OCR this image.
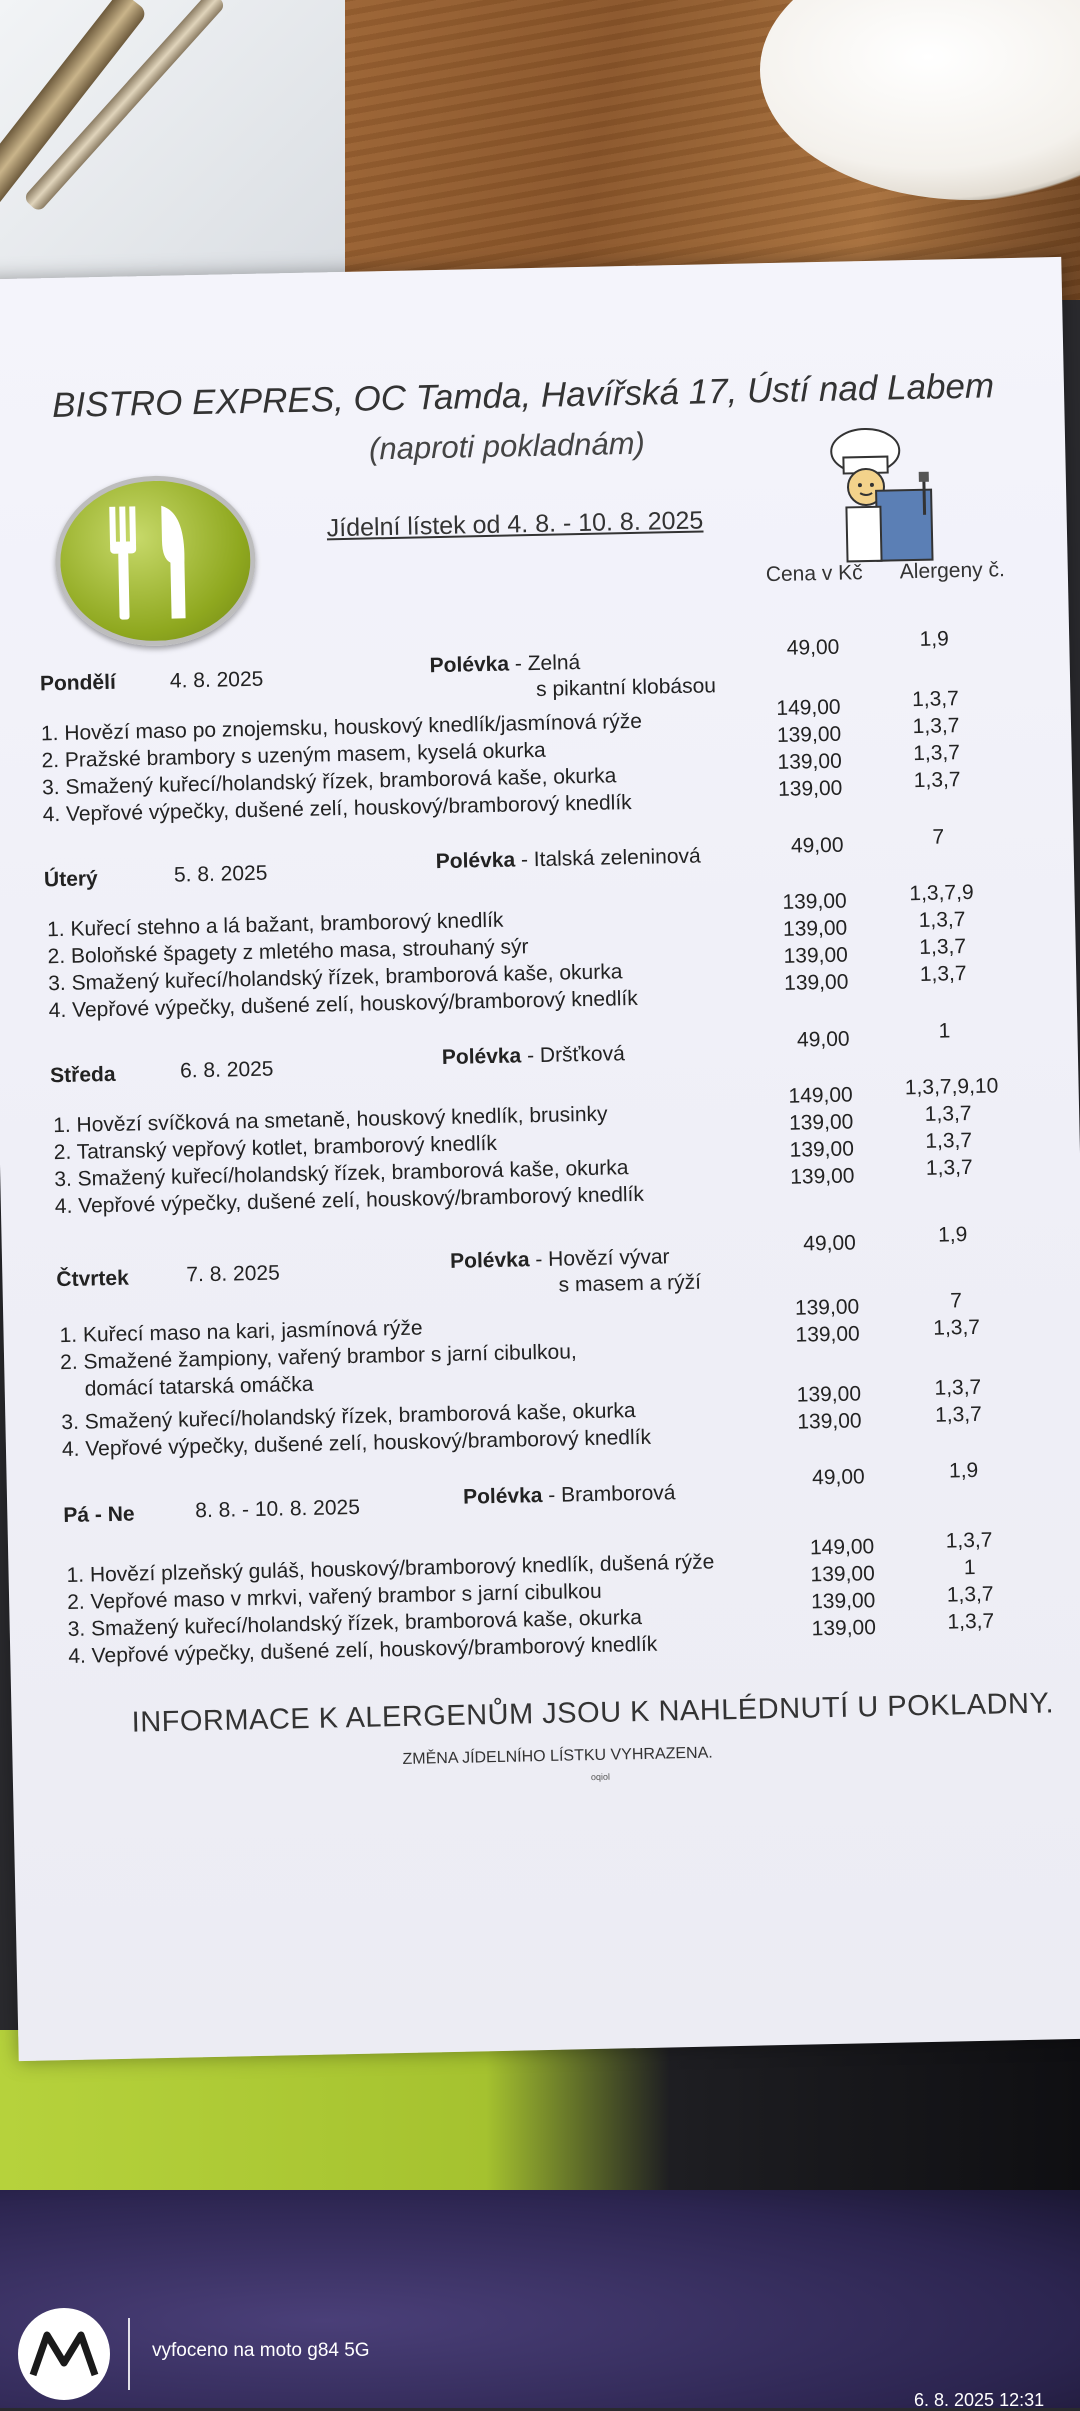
BISTRO EXPRES, OC Tamda, Havířská 17, Ústí nad Labem
(naproti pokladnám)
Jídelní lístek od 4. 8. - 10. 8. 2025
Cena v Kč Alergeny č.
Pondělí	4. 8. 2025
Polévka - Zelná
s pikantní klobásou
49,00	1,9
1. Hovězí maso po znojemsku, houskový knedlík/jasmínová rýže
149,00	1,3,7
2. Pražské brambory s uzeným masem, kyselá okurka
139,00	1,3,7
3. Smažený kuřecí/holandský řízek, bramborová kaše, okurka
139,00	1,3,7
4. Vepřové výpečky, dušené zelí, houskový/bramborový knedlík
139,00	1,3,7
Úterý	5. 8. 2025
Polévka - Italská zeleninová	49,00	7
1. Kuřecí stehno a lá bažant, bramborový knedlík
139,00	1,3,7,9
2. Boloňské špagety z mletého masa, strouhaný sýr
139,00	1,3,7
3. Smažený kuřecí/holandský řízek, bramborová kaše, okurka
139,00	1,3,7
4. Vepřové výpečky, dušené zelí, houskový/bramborový knedlík
139,00	1,3,7
Středa	6. 8. 2025
Polévka - Dršťková
49,00	1
1. Hovězí svíčková na smetaně, houskový knedlík, brusinky
149,00	1,3,7,9,10
2. Tatranský vepřový kotlet, bramborový knedlík
139,00	1,3,7
3. Smažený kuřecí/holandský řízek, bramborová kaše, okurka
139,00	1,3,7
4. Vepřové výpečky, dušené zelí, houskový/bramborový knedlík
139,00	1,3,7
Čtvrtek	7. 8. 2025
Polévka - Hovězí vývar
s masem a rýží
49,00	1,9
1. Kuřecí maso na kari, jasmínová rýže
139,00	7
2. Smažené žampiony, vařený brambor s jarní cibulkou,
domácí tatarská omáčka
139,00	1,3,7
3. Smažený kuřecí/holandský řízek, bramborová kaše, okurka
139,00	1,3,7
4. Vepřové výpečky, dušené zelí, houskový/bramborový knedlík
139,00	1,3,7
Pá - Ne	8. 8. - 10. 8. 2025	Polévka - Bramborová
49,00	1,9
1. Hovězí plzeňský guláš, houskový/bramborový knedlík, dušená rýže
149,00	1,3,7
2. Vepřové maso v mrkvi, vařený brambor s jarní cibulkou
139,00	1
3. Smažený kuřecí/holandský řízek, bramborová kaše, okurka
139,00	1,3,7
4. Vepřové výpečky, dušené zelí, houskový/bramborový knedlík
139,00	1,3,7
INFORMACE K ALERGENŮM JSOU K NAHLÉDNUTÍ U POKLADNY.
ZMĚNA JÍDELNÍHO LÍSTKU VYHRAZENA.
oqiol
vyfoceno na moto g84 5G
6. 8. 2025 12:31
